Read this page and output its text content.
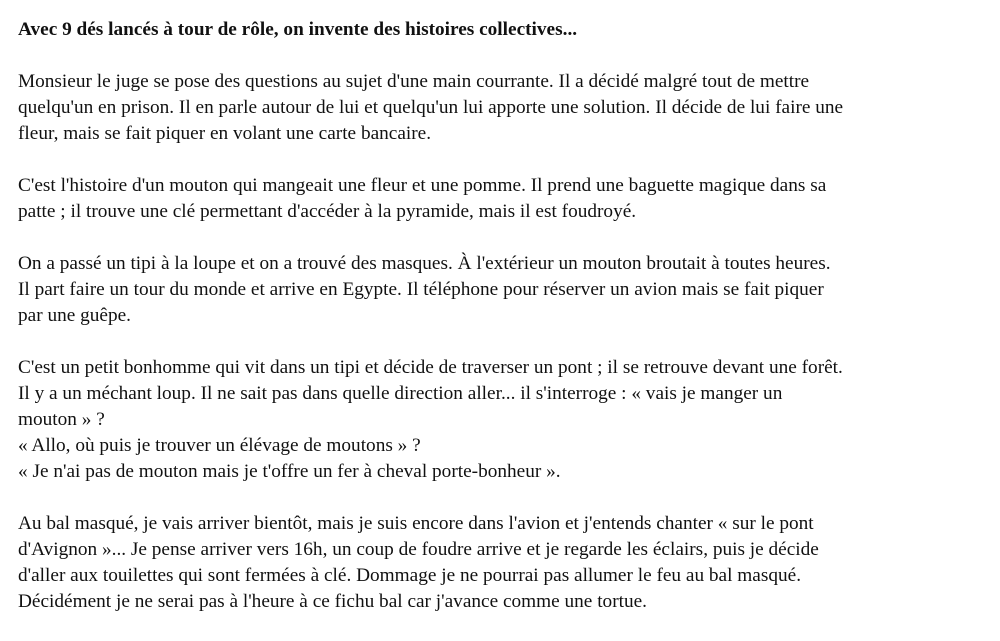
Avec 9 dés lancés à tour de rôle, on invente des histoires collectives...
Monsieur le juge se pose des questions au sujet d'une main courrante. Il a décidé malgré tout de mettre
quelqu'un en prison. Il en parle autour de lui et quelqu'un lui apporte une solution. Il décide de lui faire une
fleur, mais se fait piquer en volant une carte bancaire.
C'est l'histoire d'un mouton qui mangeait une fleur et une pomme. Il prend une baguette magique dans sa
patte ; il trouve une clé permettant d'accéder à la pyramide, mais il est foudroyé.
On a passé un tipi à la loupe et on a trouvé des masques. À l'extérieur un mouton broutait à toutes heures.
Il part faire un tour du monde et arrive en Egypte. Il téléphone pour réserver un avion mais se fait piquer
par une guêpe.
C'est un petit bonhomme qui vit dans un tipi et décide de traverser un pont ; il se retrouve devant une forêt.
Il y a un méchant loup. Il ne sait pas dans quelle direction aller... il s'interroge : « vais je manger un
mouton » ?
« Allo, où puis je trouver un élévage de moutons » ?
« Je n'ai pas de mouton mais je t'offre un fer à cheval porte-bonheur ».
Au bal masqué, je vais arriver bientôt, mais je suis encore dans l'avion et j'entends chanter « sur le pont
d'Avignon »... Je pense arriver vers 16h, un coup de foudre arrive et je regarde les éclairs, puis je décide
d'aller aux touilettes qui sont fermées à clé. Dommage je ne pourrai pas allumer le feu au bal masqué.
Décidément je ne serai pas à l'heure à ce fichu bal car j'avance comme une tortue.
